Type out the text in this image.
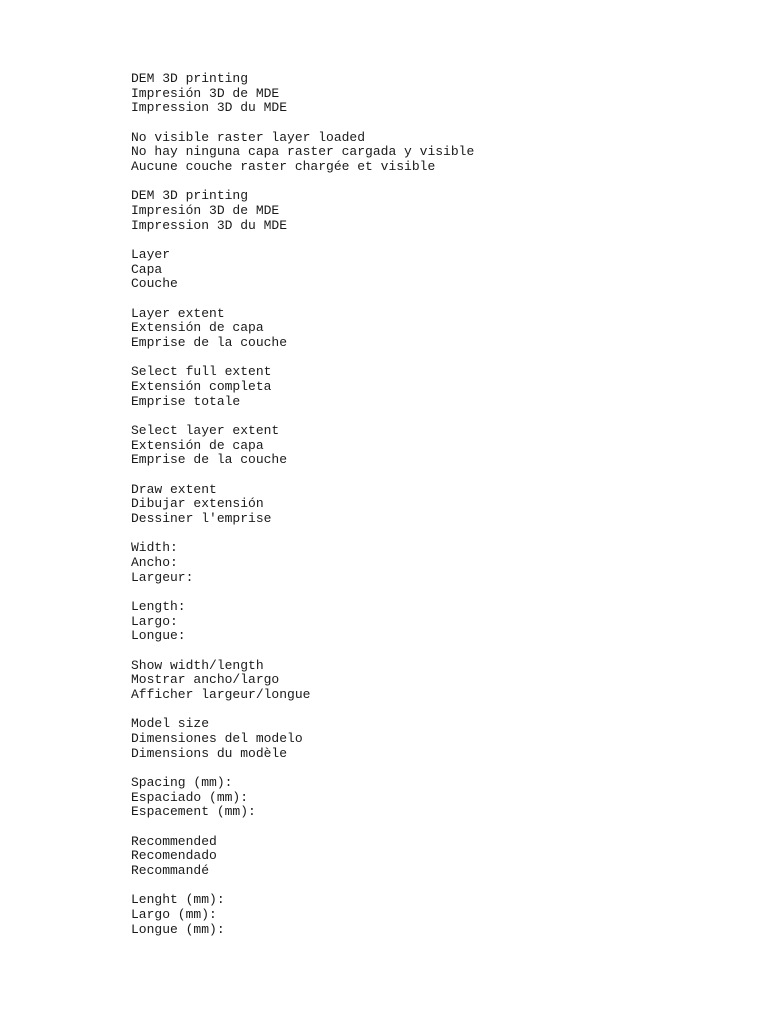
DEM 3D printing
Impresión 3D de MDE
Impression 3D du MDE
No visible raster layer loaded
No hay ninguna capa raster cargada y visible
Aucune couche raster chargée et visible
DEM 3D printing
Impresión 3D de MDE
Impression 3D du MDE
Layer
Capa
Couche
Layer extent
Extensión de capa
Emprise de la couche
Select full extent
Extensión completa
Emprise totale
Select layer extent
Extensión de capa
Emprise de la couche
Draw extent
Dibujar extensión
Dessiner l'emprise
Width:
Ancho:
Largeur:
Length:
Largo:
Longue:
Show width/length
Mostrar ancho/largo
Afficher largeur/longue
Model size
Dimensiones del modelo
Dimensions du modèle
Spacing (mm):
Espaciado (mm):
Espacement (mm):
Recommended
Recomendado
Recommandé
Lenght (mm):
Largo (mm):
Longue (mm):
